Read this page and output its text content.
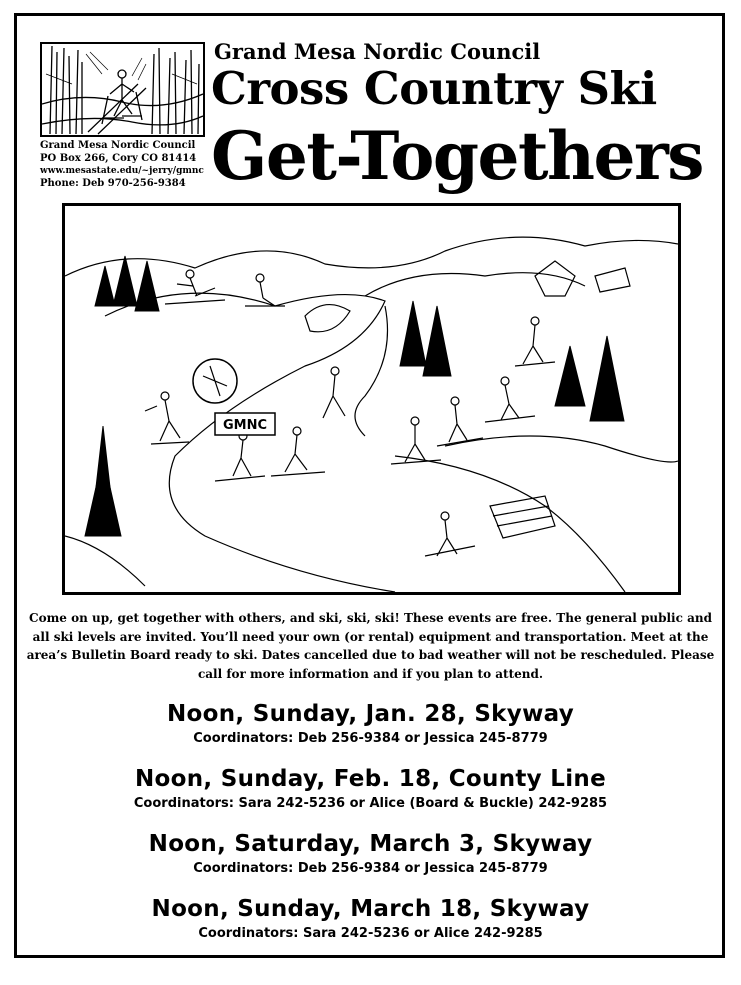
Grand Mesa Nordic Council
PO Box 266, Cory CO 81414
www.mesastate.edu/~jerry/gmnc
Phone: Deb 970-256-9384
Grand Mesa Nordic Council
Cross Country Ski
Get-Togethers
GMNC

Come on up, get together with others, and ski, ski, ski! These events are free. The general public and all ski levels are invited. You’ll need your own (or rental) equipment and transportation. Meet at the area’s Bulletin Board ready to ski. Dates cancelled due to bad weather will not be rescheduled. Please call for more information and if you plan to attend.

Noon, Sunday, Jan. 28, Skyway
Coordinators: Deb 256-9384 or Jessica 245-8779
Noon, Sunday, Feb. 18, County Line
Coordinators: Sara 242-5236 or Alice (Board & Buckle) 242-9285
Noon, Saturday, March 3, Skyway
Coordinators: Deb 256-9384 or Jessica 245-8779
Noon, Sunday, March 18, Skyway
Coordinators: Sara 242-5236 or Alice 242-9285
